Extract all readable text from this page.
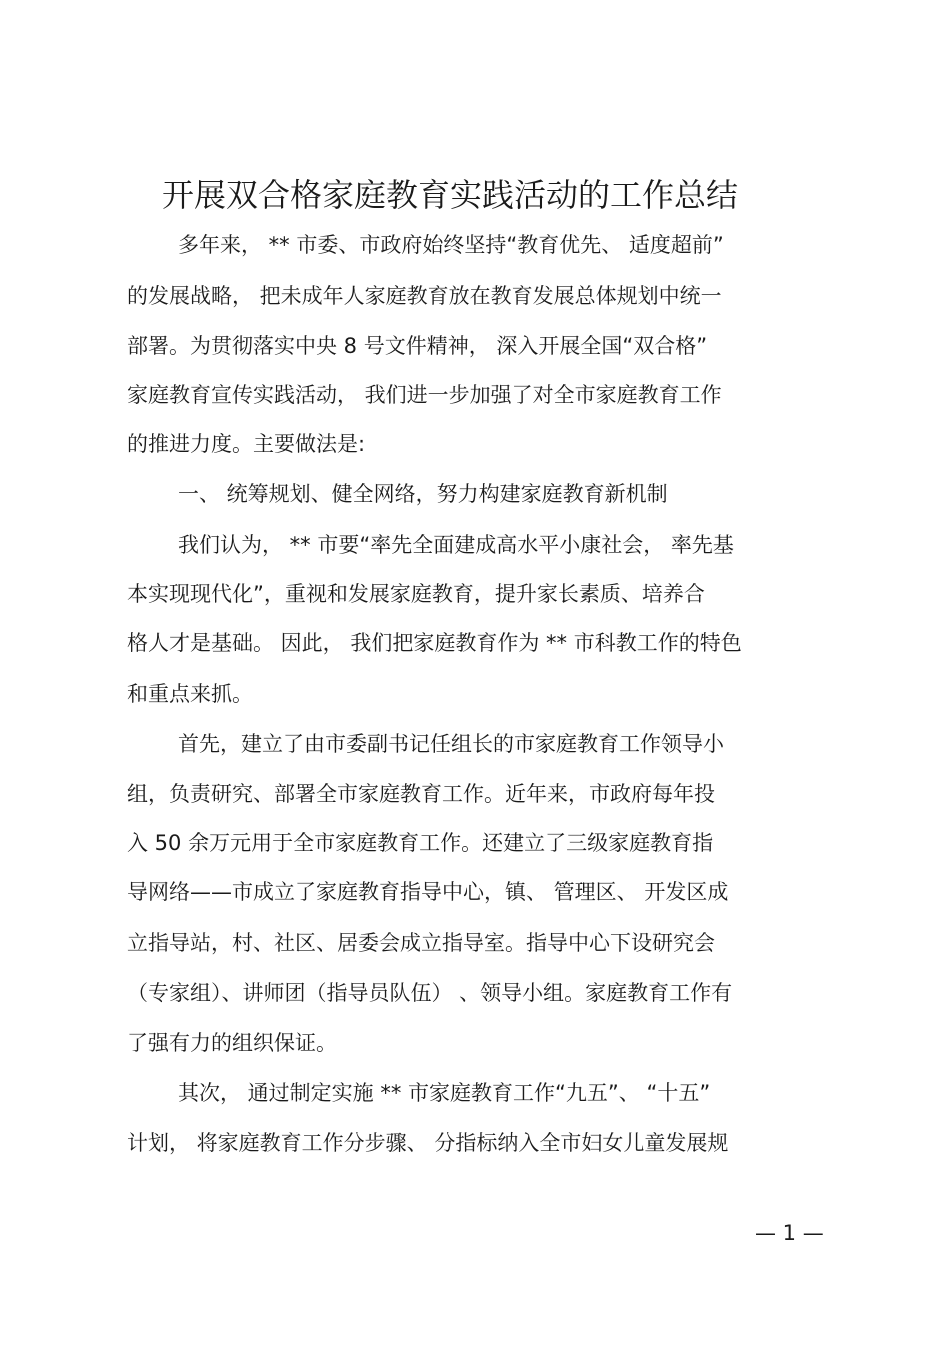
开展双合格家庭教育实践活动的工作总结
多年来， ** 市委、市政府始终坚持“教育优先、 适度超前”
的发展战略， 把未成年人家庭教育放在教育发展总体规划中统一
部署。为贯彻落实中央 8 号文件精神， 深入开展全国“双合格”
家庭教育宣传实践活动， 我们进一步加强了对全市家庭教育工作
的推进力度。主要做法是:
一、 统筹规划、健全网络，努力构建家庭教育新机制
我们认为， ** 市要“率先全面建成高水平小康社会， 率先基
本实现现代化”，重视和发展家庭教育，提升家长素质、培养合
格人才是基础。 因此， 我们把家庭教育作为 ** 市科教工作的特色
和重点来抓。
首先，建立了由市委副书记任组长的市家庭教育工作领导小
组，负责研究、部署全市家庭教育工作。近年来，市政府每年投
入 50 余万元用于全市家庭教育工作。还建立了三级家庭教育指
导网络——市成立了家庭教育指导中心，镇、 管理区、 开发区成
立指导站，村、社区、居委会成立指导室。指导中心下设研究会
（专家组）、讲师团（指导员队伍） 、领导小组。家庭教育工作有
了强有力的组织保证。
其次， 通过制定实施 ** 市家庭教育工作“九五”、 “十五”
计划， 将家庭教育工作分步骤、 分指标纳入全市妇女儿童发展规
— 1 —
